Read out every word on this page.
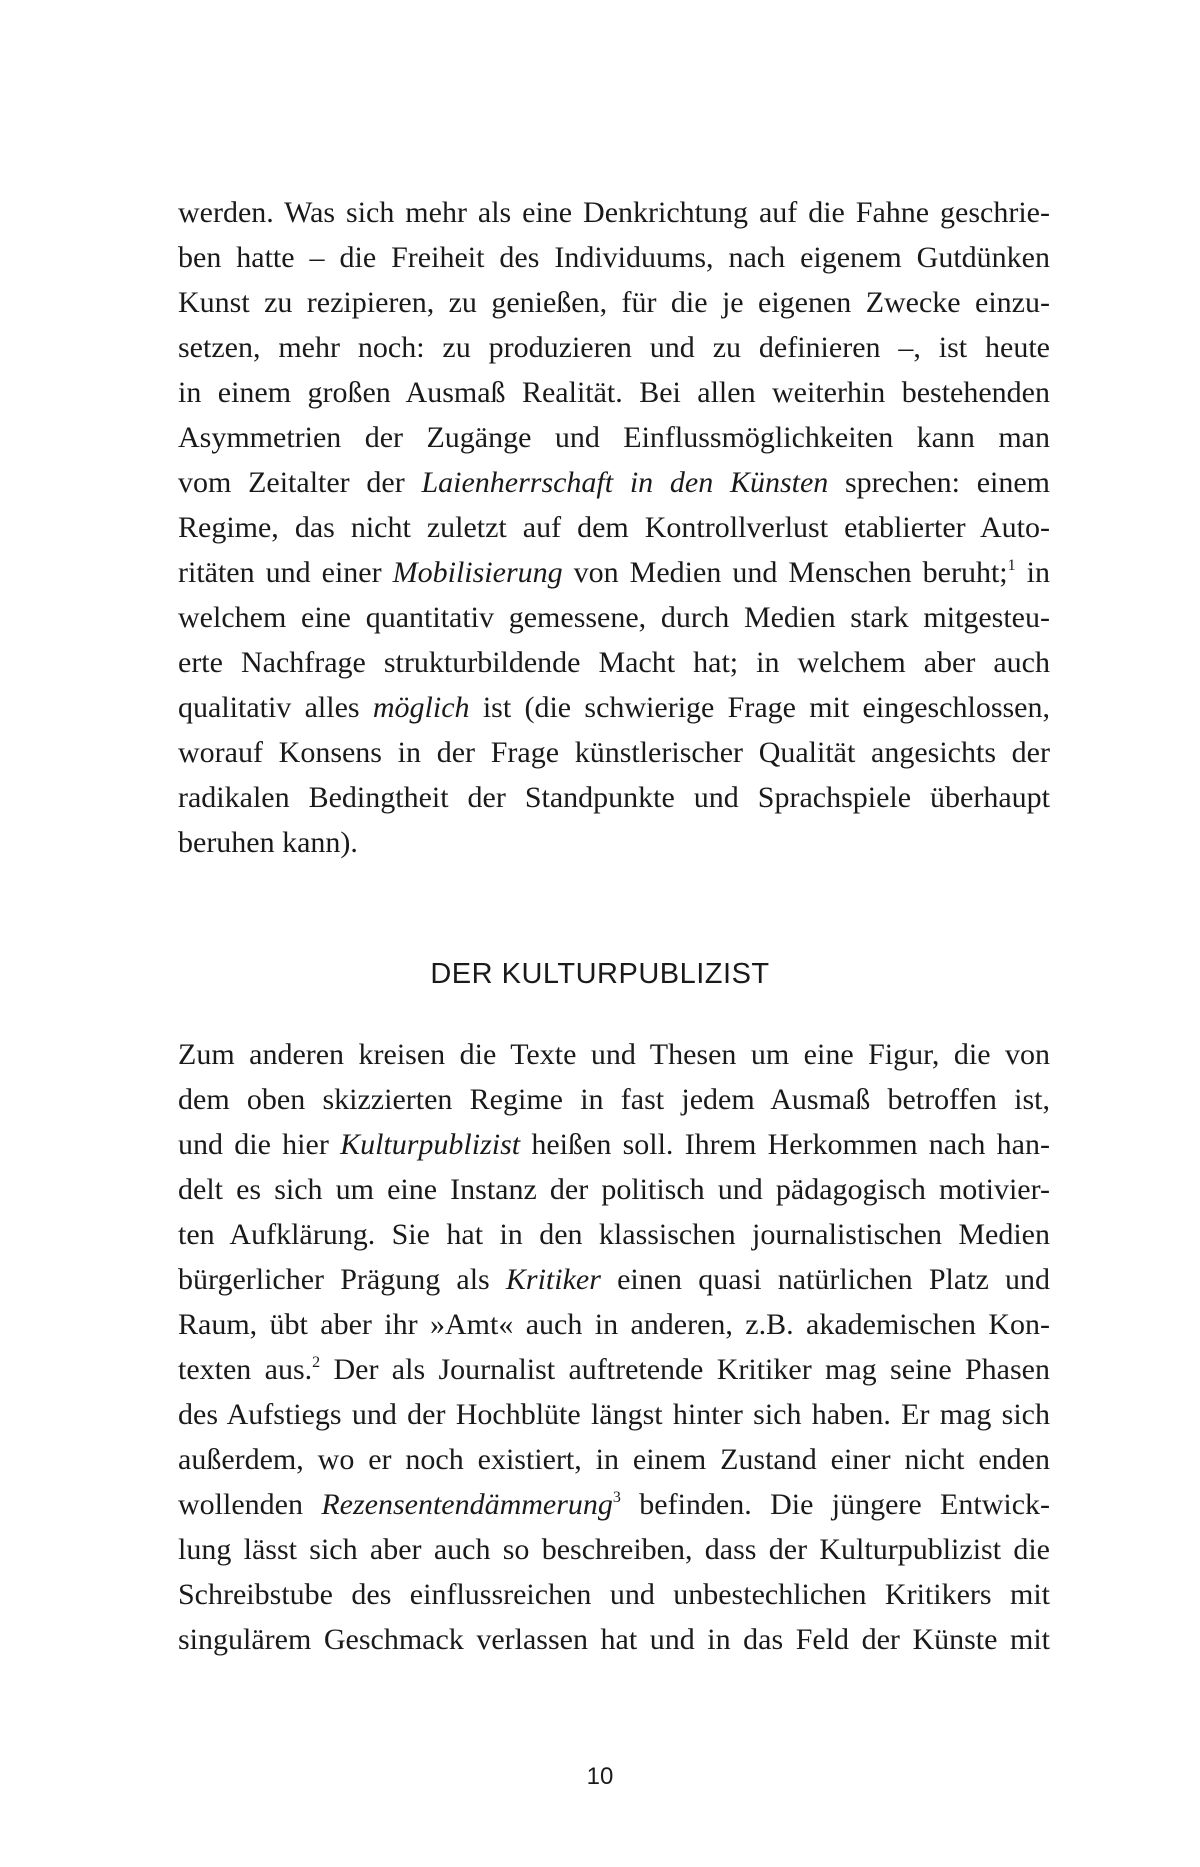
werden. Was sich mehr als eine Denkrichtung auf die Fahne geschrie-
ben hatte – die Freiheit des Individuums, nach eigenem Gutdünken
Kunst zu rezipieren, zu genießen, für die je eigenen Zwecke einzu-
setzen, mehr noch: zu produzieren und zu definieren –, ist heute
in einem großen Ausmaß Realität. Bei allen weiterhin bestehenden
Asymmetrien der Zugänge und Einflussmöglichkeiten kann man
vom Zeitalter der Laienherrschaft in den Künsten sprechen: einem
Regime, das nicht zuletzt auf dem Kontrollverlust etablierter Auto-
ritäten und einer Mobilisierung von Medien und Menschen beruht;$^1$ in
welchem eine quantitativ gemessene, durch Medien stark mitgesteu-
erte Nachfrage strukturbildende Macht hat; in welchem aber auch
qualitativ alles möglich ist (die schwierige Frage mit eingeschlossen,
worauf Konsens in der Frage künstlerischer Qualität angesichts der
radikalen Bedingtheit der Standpunkte und Sprachspiele überhaupt
beruhen kann).
DER KULTURPUBLIZIST
Zum anderen kreisen die Texte und Thesen um eine Figur, die von
dem oben skizzierten Regime in fast jedem Ausmaß betroffen ist,
und die hier Kulturpublizist heißen soll. Ihrem Herkommen nach han-
delt es sich um eine Instanz der politisch und pädagogisch motivier-
ten Aufklärung. Sie hat in den klassischen journalistischen Medien
bürgerlicher Prägung als Kritiker einen quasi natürlichen Platz und
Raum, übt aber ihr »Amt« auch in anderen, z.B. akademischen Kon-
texten aus.$^2$ Der als Journalist auftretende Kritiker mag seine Phasen
des Aufstiegs und der Hochblüte längst hinter sich haben. Er mag sich
außerdem, wo er noch existiert, in einem Zustand einer nicht enden
wollenden Rezensentendämmerung$^3$ befinden. Die jüngere Entwick-
lung lässt sich aber auch so beschreiben, dass der Kulturpublizist die
Schreibstube des einflussreichen und unbestechlichen Kritikers mit
singulärem Geschmack verlassen hat und in das Feld der Künste mit
10
